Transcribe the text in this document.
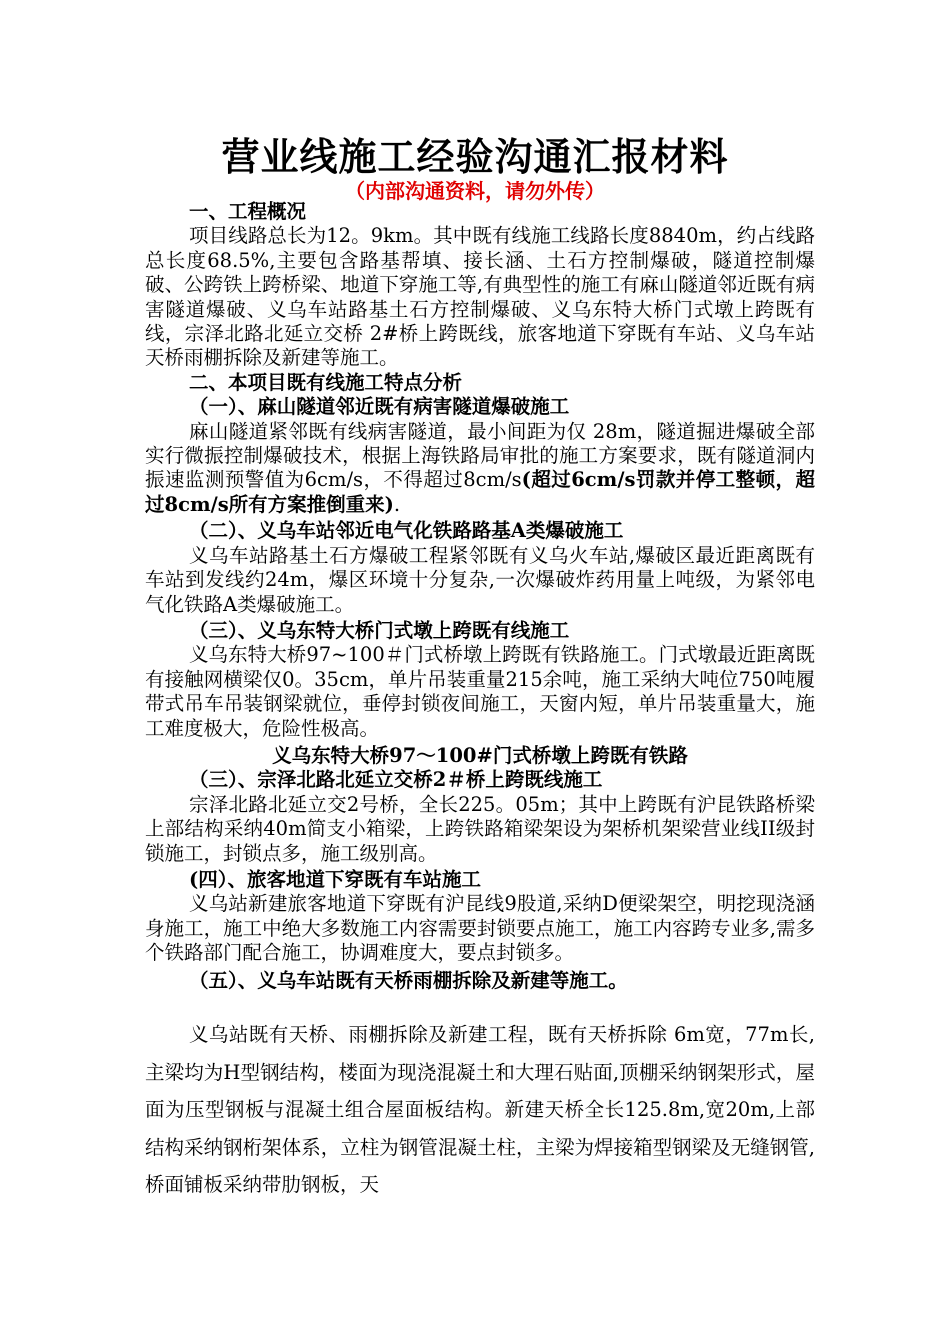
营业线施工经验沟通汇报材料
（内部沟通资料，请勿外传）
一、工程概况
项目线路总长为12。9km。其中既有线施工线路长度8840m，约占线路总长度68.5%,主要包含路基帮填、接长涵、土石方控制爆破，隧道控制爆破、公跨铁上跨桥梁、地道下穿施工等,有典型性的施工有麻山隧道邻近既有病害隧道爆破、义乌车站路基土石方控制爆破、义乌东特大桥门式墩上跨既有线，宗泽北路北延立交桥 2#桥上跨既线，旅客地道下穿既有车站、义乌车站天桥雨棚拆除及新建等施工。
二、本项目既有线施工特点分析
（一）、麻山隧道邻近既有病害隧道爆破施工
麻山隧道紧邻既有线病害隧道，最小间距为仅 28m，隧道掘进爆破全部实行微振控制爆破技术，根据上海铁路局审批的施工方案要求，既有隧道洞内振速监测预警值为6cm/s，不得超过8cm/s(超过6cm/s罚款并停工整顿，超过8cm/s所有方案推倒重来).
（二）、义乌车站邻近电气化铁路路基A类爆破施工
义乌车站路基土石方爆破工程紧邻既有义乌火车站,爆破区最近距离既有车站到发线约24m，爆区环境十分复杂,一次爆破炸药用量上吨级，为紧邻电气化铁路A类爆破施工。
（三）、义乌东特大桥门式墩上跨既有线施工
义乌东特大桥97~100＃门式桥墩上跨既有铁路施工。门式墩最近距离既有接触网横梁仅0。35cm，单片吊装重量215余吨，施工采纳大吨位750吨履带式吊车吊装钢梁就位，垂停封锁夜间施工，天窗内短，单片吊装重量大，施工难度极大，危险性极高。
义乌东特大桥97～100#门式桥墩上跨既有铁路
（三）、宗泽北路北延立交桥2＃桥上跨既线施工
宗泽北路北延立交2号桥，全长225。05m；其中上跨既有沪昆铁路桥梁上部结构采纳40m简支小箱梁，上跨铁路箱梁架设为架桥机架梁营业线II级封锁施工，封锁点多，施工级别高。
(四）、旅客地道下穿既有车站施工
义乌站新建旅客地道下穿既有沪昆线9股道,采纳D便梁架空，明挖现浇涵身施工，施工中绝大多数施工内容需要封锁要点施工，施工内容跨专业多,需多个铁路部门配合施工，协调难度大，要点封锁多。
（五）、义乌车站既有天桥雨棚拆除及新建等施工。
义乌站既有天桥、雨棚拆除及新建工程，既有天桥拆除 6m宽，77m长,主梁均为H型钢结构，楼面为现浇混凝土和大理石贴面,顶棚采纳钢架形式，屋面为压型钢板与混凝土组合屋面板结构。新建天桥全长125.8m,宽20m,上部结构采纳钢桁架体系，立柱为钢管混凝土柱，主梁为焊接箱型钢梁及无缝钢管,桥面铺板采纳带肋钢板，天
